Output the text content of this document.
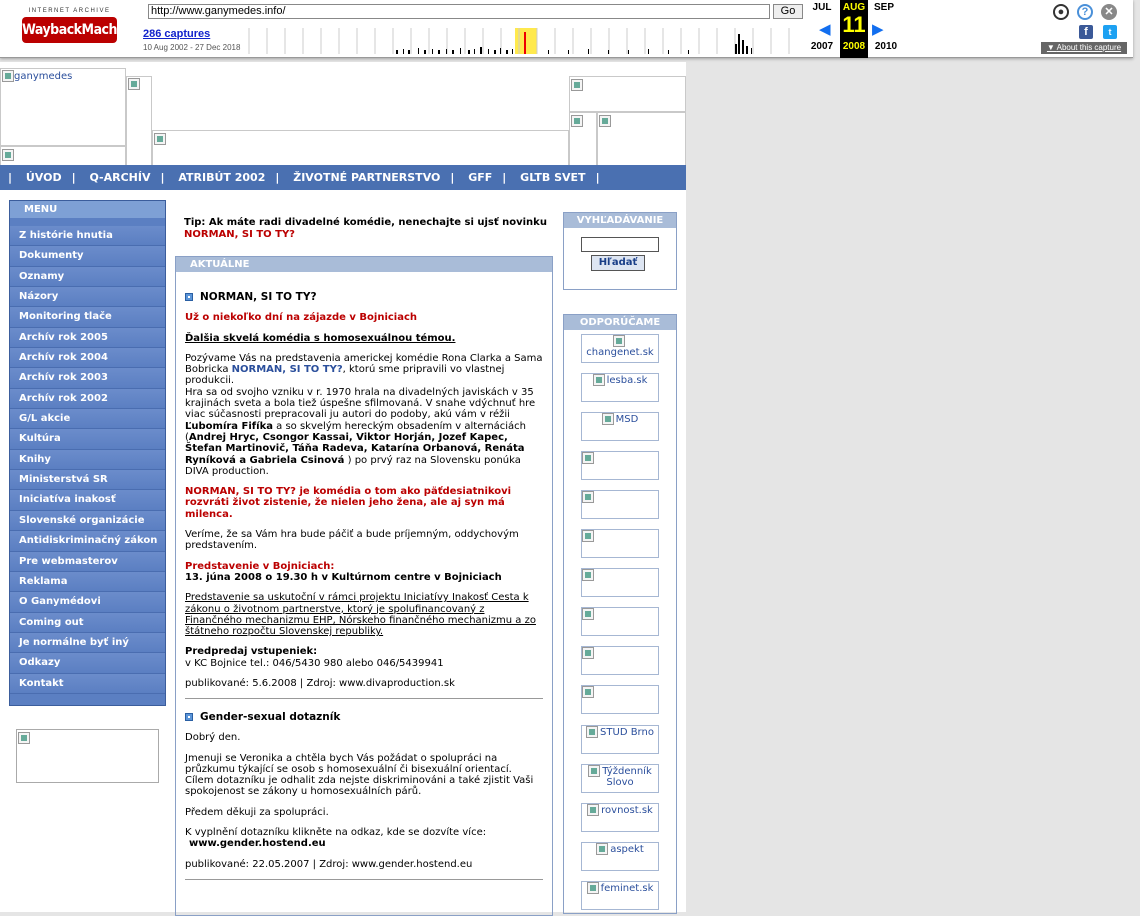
INTERNET ARCHIVE
WaybackMachine
http://www.ganymedes.info/	Go
286 captures
10 Aug 2002 - 27 Dec 2018
JUL
2007
◀
AUG
11
2008
SEP
2010
▶
●	?	✕
f	t
▼ About this capture
ganymedes
| ÚVOD | Q-ARCHÍV | ATRIBÚT 2002 | ŽIVOTNÉ PARTNERSTVO | GFF | GLTB SVET |
MENU
Z histórie hnutia
Dokumenty
Oznamy
Názory
Monitoring tlače
Archív rok 2005
Archív rok 2004
Archív rok 2003
Archív rok 2002
G/L akcie
Kultúra
Knihy
Ministerstvá SR
Iniciatíva inakosť
Slovenské organizácie
Antidiskriminačný zákon
Pre webmasterov
Reklama
O Ganymédovi
Coming out
Je normálne byť iný
Odkazy
Kontakt
Tip: Ak máte radi divadelné komédie, nenechajte si ujsť novinku
NORMAN, SI TO TY?
AKTUÁLNE

NORMAN, SI TO TY?

Už o niekoľko dní na zájazde v Bojniciach

Ďalšia skvelá komédia s homosexuálnou témou.

Pozývame Vás na predstavenia americkej komédie Rona Clarka a Sama Bobricka NORMAN, SI TO TY?, ktorú sme pripravili vo vlastnej produkcii.
Hra sa od svojho vzniku v r. 1970 hrala na divadelných javiskách v 35 krajinách sveta a bola tiež úspešne sfilmovaná. V snahe vdýchnuť hre viac súčasnosti prepracovali ju autori do podoby, akú vám v réžii Ľubomíra Fifíka a so skvelým hereckým obsadením v alternáciách (Andrej Hryc, Csongor Kassai, Viktor Horján, Jozef Kapec, Štefan Martinovič, Táňa Radeva, Katarína Orbanová, Renáta Ryníková a Gabriela Csinová ) po prvý raz na Slovensku ponúka DIVA production.

NORMAN, SI TO TY? je komédia o tom ako päťdesiatnikovi rozvráti život zistenie, že nielen jeho žena, ale aj syn má milenca.

Veríme, že sa Vám hra bude páčiť a bude príjemným, oddychovým predstavením.

Predstavenie v Bojniciach:
13. júna 2008 o 19.30 h v Kultúrnom centre v Bojniciach

Predstavenie sa uskutoční v rámci projektu Iniciatívy Inakosť Cesta k zákonu o životnom partnerstve, ktorý je spolufinancovaný z Finančného mechanizmu EHP, Nórskeho finančného mechanizmu a zo štátneho rozpočtu Slovenskej republiky.

Predpredaj vstupeniek:
v KC Bojnice tel.: 046/5430 980 alebo 046/5439941

publikované: 5.6.2008 | Zdroj: www.divaproduction.sk

Gender-sexual dotazník

Dobrý den.

Jmenuji se Veronika a chtěla bych Vás požádat o spolupráci na průzkumu týkající se osob s homosexuální či bisexuální orientací. Cílem dotazníku je odhalit zda nejste diskriminováni a také zjistit Vaši spokojenost se zákony u homosexuálních párů.

Předem děkuji za spolupráci.

K vyplnění dotazníku klikněte na odkaz, kde se dozvíte více:
www.gender.hostend.eu

publikované: 22.05.2007 | Zdroj: www.gender.hostend.eu

VYHĽADÁVANIE
Hľadať
ODPORÚČAME

changenet.sk
lesba.sk
MSD
STUD Brno
Týždenník Slovo
rovnost.sk
aspekt
feminet.sk
